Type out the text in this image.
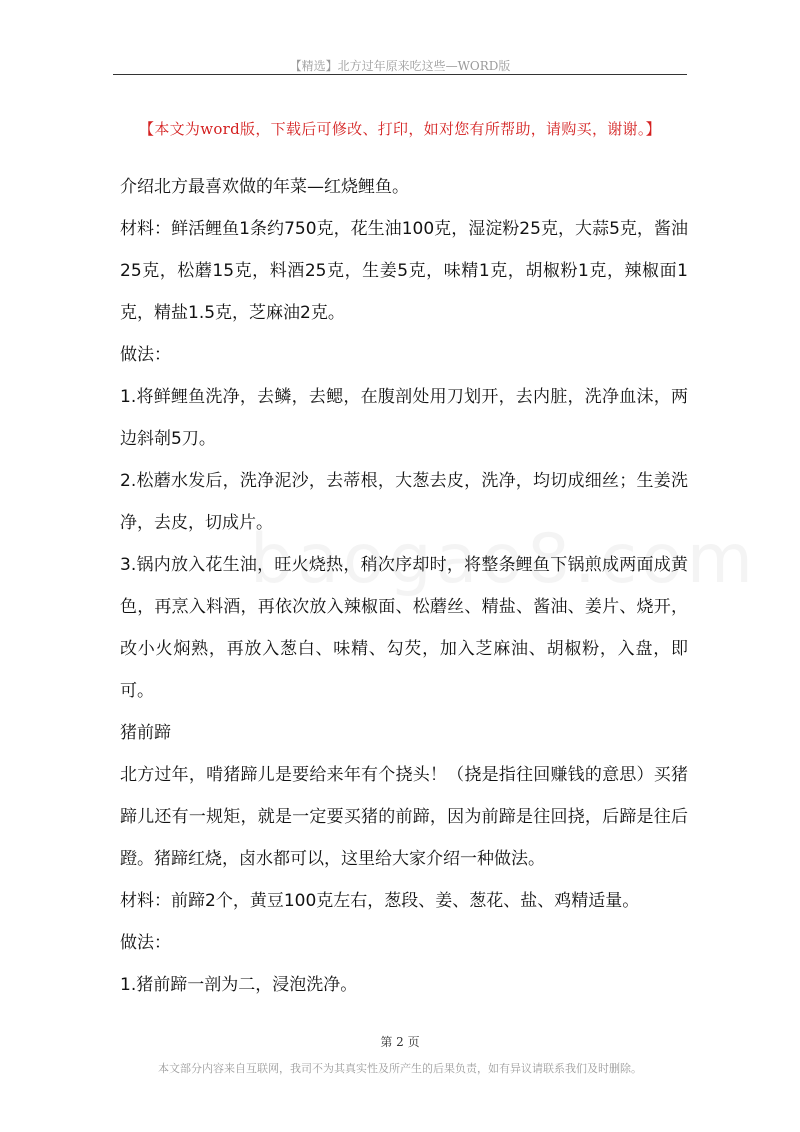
【精选】北方过年原来吃这些—WORD版
【本文为word版，下载后可修改、打印，如对您有所帮助，请购买，谢谢。】

介绍北方最喜欢做的年菜—红烧鲤鱼。

材料：鲜活鲤鱼1条约750克，花生油100克，湿淀粉25克，大蒜5克，酱油25克，松蘑15克，料酒25克，生姜5克，味精1克，胡椒粉1克，辣椒面1克，精盐1.5克，芝麻油2克。

做法：

1.将鲜鲤鱼洗净，去鳞，去鳃，在腹剖处用刀划开，去内脏，洗净血沫，两边斜剞5刀。

2.松蘑水发后，洗净泥沙，去蒂根，大葱去皮，洗净，均切成细丝；生姜洗净，去皮，切成片。

3.锅内放入花生油，旺火烧热，稍次序却时，将整条鲤鱼下锅煎成两面成黄色，再烹入料酒，再依次放入辣椒面、松蘑丝、精盐、酱油、姜片、烧开，改小火焖熟，再放入葱白、味精、勾芡，加入芝麻油、胡椒粉，入盘，即可。

猪前蹄

北方过年，啃猪蹄儿是要给来年有个挠头！（挠是指往回赚钱的意思）买猪蹄儿还有一规矩，就是一定要买猪的前蹄，因为前蹄是往回挠，后蹄是往后蹬。猪蹄红烧，卤水都可以，这里给大家介绍一种做法。

材料：前蹄2个，黄豆100克左右，葱段、姜、葱花、盐、鸡精适量。

做法：

1.猪前蹄一剖为二，浸泡洗净。

第 2 页
本文部分内容来自互联网，我司不为其真实性及所产生的后果负责，如有异议请联系我们及时删除。
